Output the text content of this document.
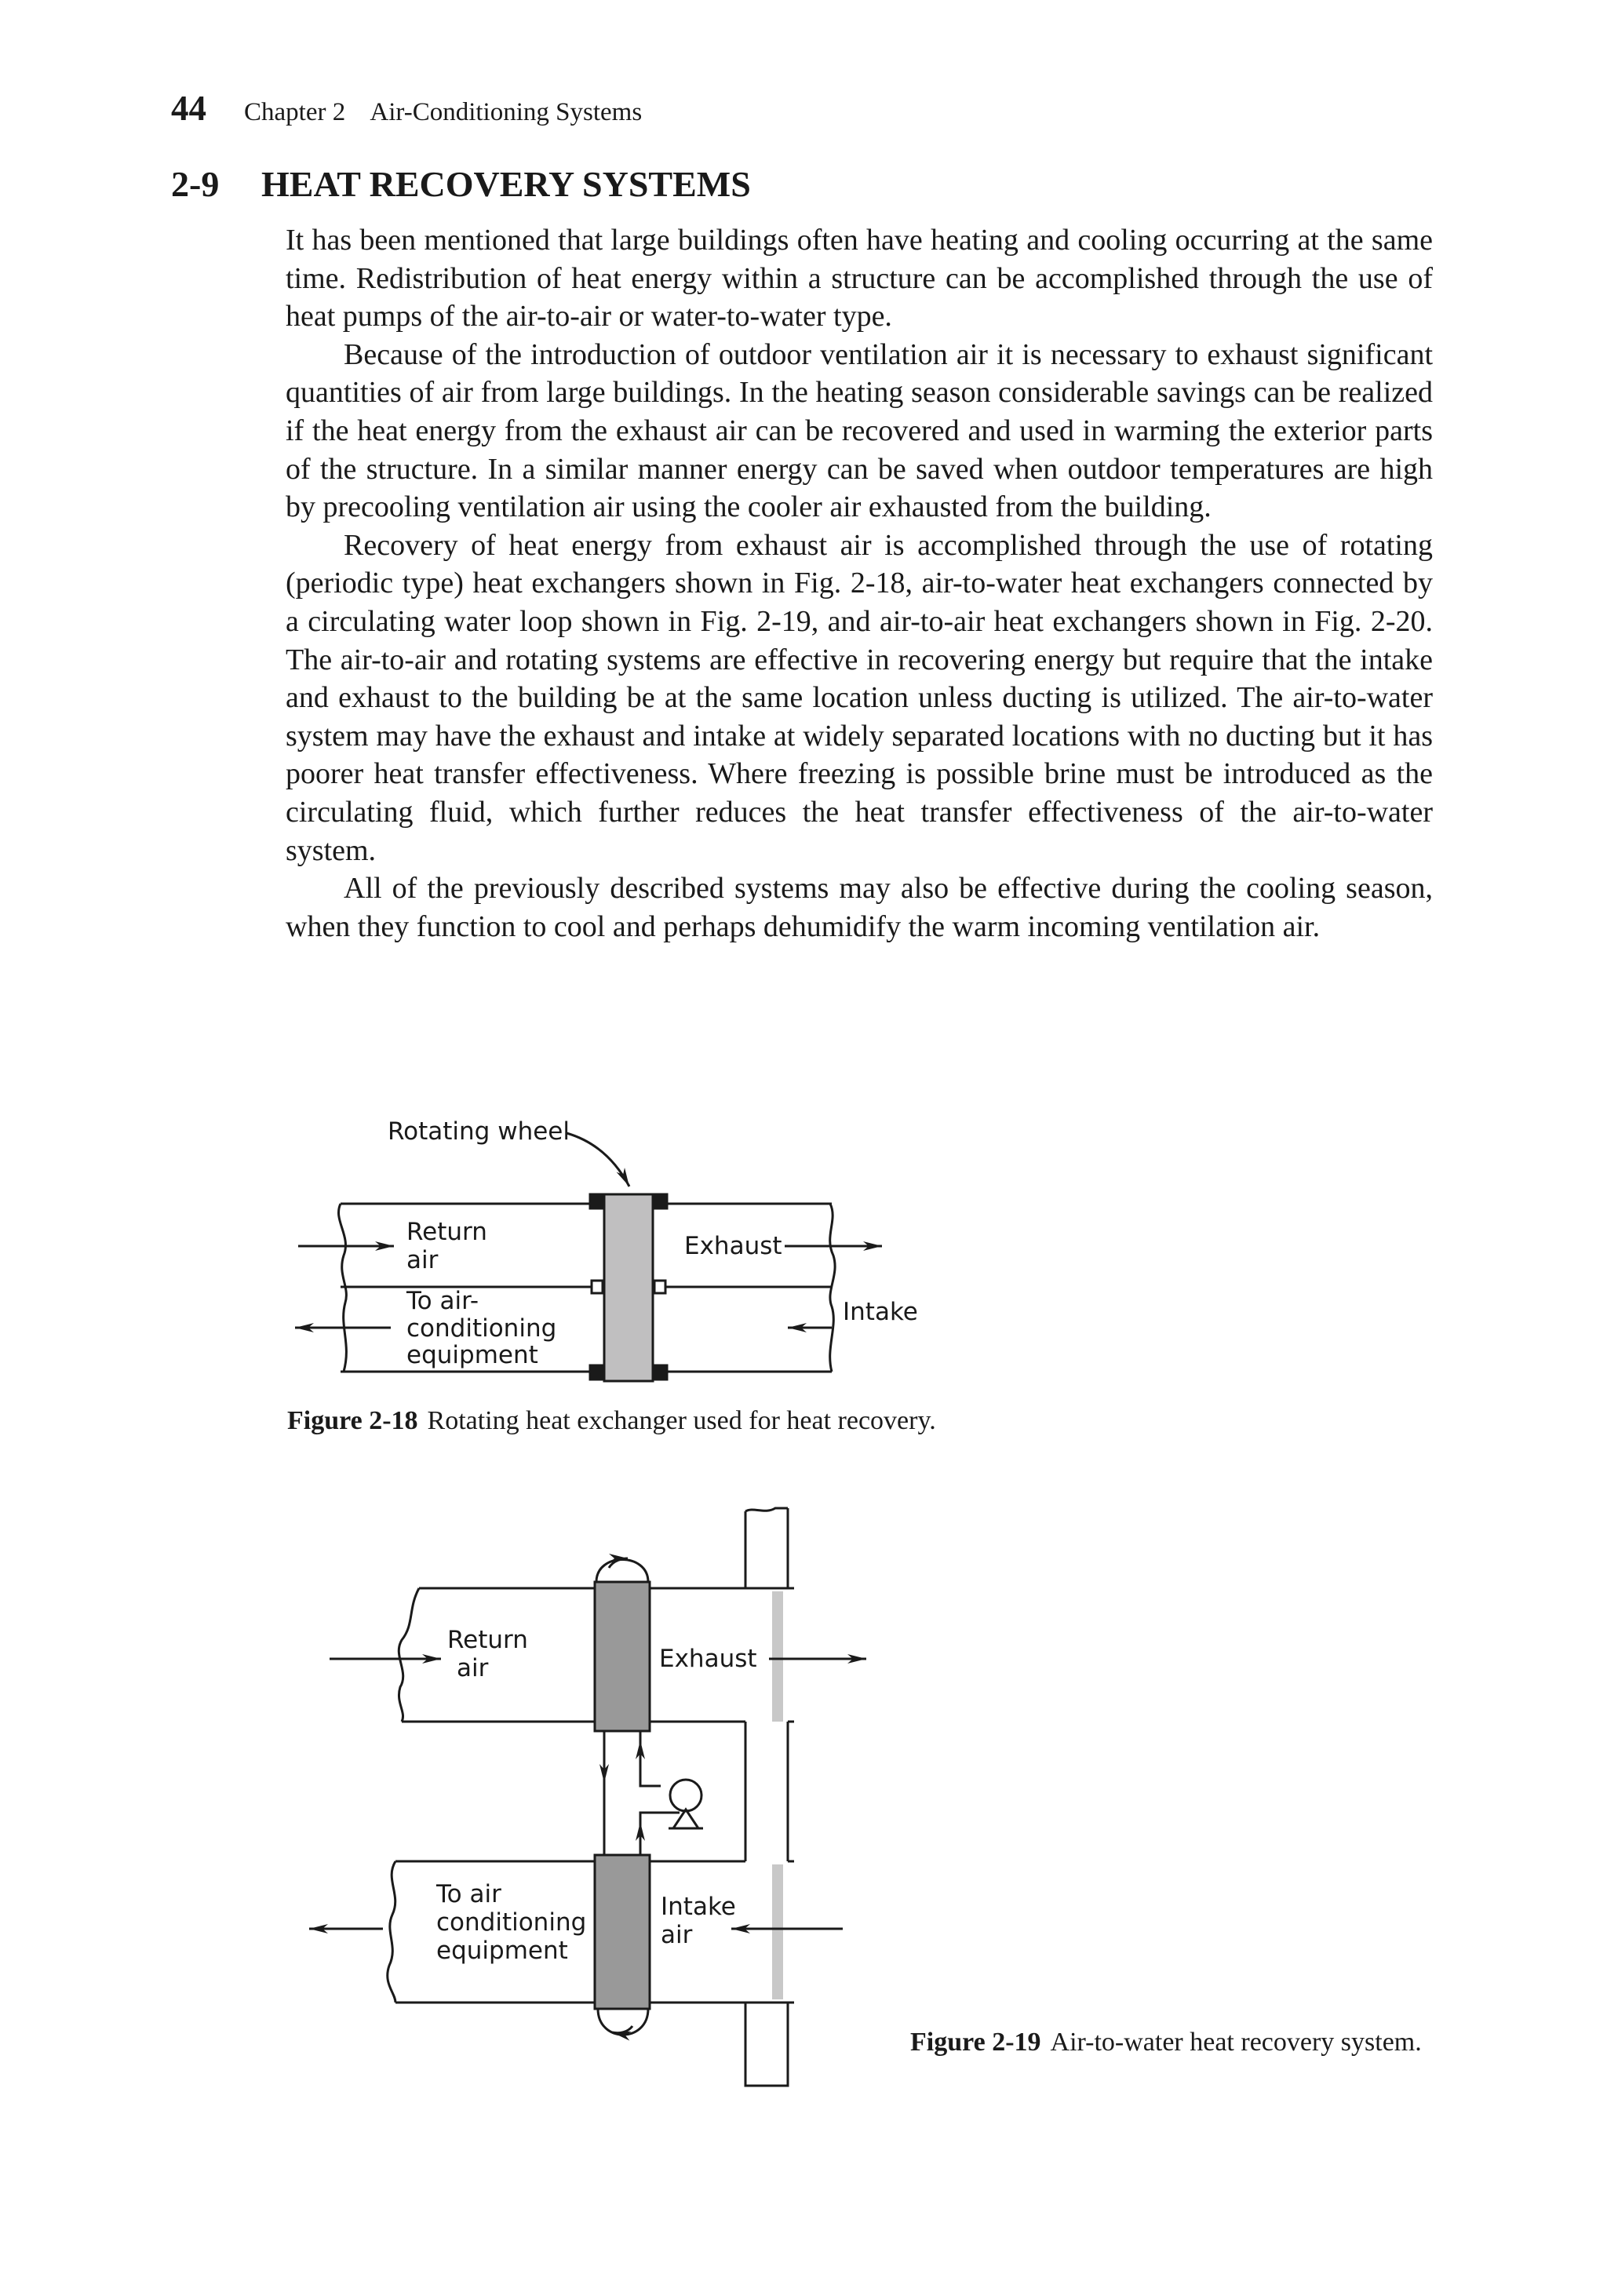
44 Chapter 2    Air-Conditioning Systems
2-9 HEAT RECOVERY SYSTEMS

It has been mentioned that large buildings often have heating and cooling occurring at the same time. Redistribution of heat energy within a structure can be accomplished through the use of heat pumps of the air-to-air or water-to-water type.

Because of the introduction of outdoor ventilation air it is necessary to exhaust significant quantities of air from large buildings. In the heating season considerable savings can be realized if the heat energy from the exhaust air can be recovered and used in warming the exterior parts of the structure. In a similar manner energy can be saved when outdoor temperatures are high by precooling ventilation air using the cooler air exhausted from the building.

Recovery of heat energy from exhaust air is accomplished through the use of rotating (periodic type) heat exchangers shown in Fig. 2-18, air-to-water heat exchangers connected by a circulating water loop shown in Fig. 2-19, and air-to-air heat exchangers shown in Fig. 2-20. The air-to-air and rotating systems are effective in recovering energy but require that the intake and exhaust to the building be at the same location unless ducting is utilized. The air-to-water system may have the exhaust and intake at widely separated locations with no ducting but it has poorer heat transfer effectiveness. Where freezing is possible brine must be introduced as the circulating fluid, which further reduces the heat transfer effectiveness of the air-to-water system.

All of the previously described systems may also be effective during the cooling season, when they function to cool and perhaps dehumidify the warm incoming ventilation air.

Rotating wheel
Return
air	Exhaust
To air-
conditioning
equipment
Intake
Return
air	Exhaust
To air
conditioning
equipment
Intake
air
Figure 2-18 Rotating heat exchanger used for heat recovery.
Figure 2-19 Air-to-water heat recovery system.
